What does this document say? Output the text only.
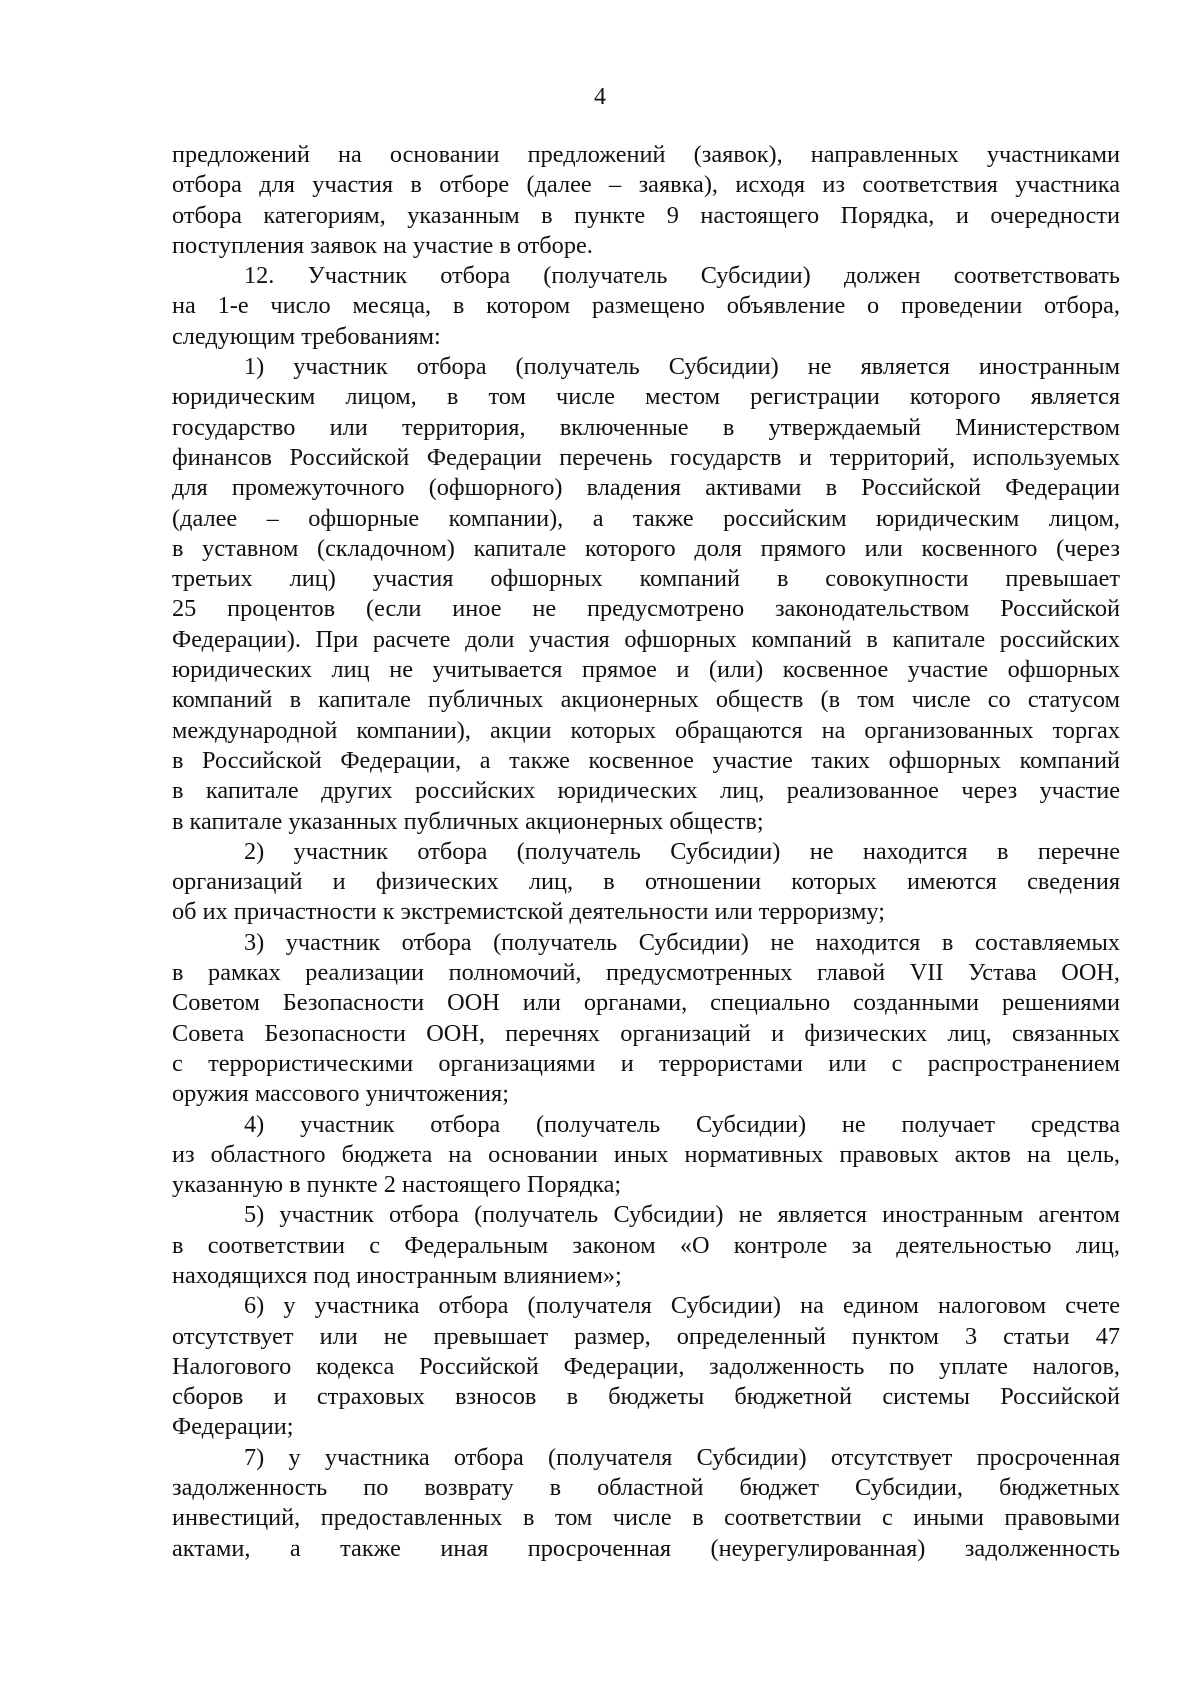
4
предложений на основании предложений (заявок), направленных участниками
отбора для участия в отборе (далее – заявка), исходя из соответствия участника
отбора категориям, указанным в пункте 9 настоящего Порядка, и очередности
поступления заявок на участие в отборе.
12. Участник отбора (получатель Субсидии) должен соответствовать
на 1-е число месяца, в котором размещено объявление о проведении отбора,
следующим требованиям:
1) участник отбора (получатель Субсидии) не является иностранным
юридическим лицом, в том числе местом регистрации которого является
государство или территория, включенные в утверждаемый Министерством
финансов Российской Федерации перечень государств и территорий, используемых
для промежуточного (офшорного) владения активами в Российской Федерации
(далее – офшорные компании), а также российским юридическим лицом,
в уставном (складочном) капитале которого доля прямого или косвенного (через
третьих лиц) участия офшорных компаний в совокупности превышает
25 процентов (если иное не предусмотрено законодательством Российской
Федерации). При расчете доли участия офшорных компаний в капитале российских
юридических лиц не учитывается прямое и (или) косвенное участие офшорных
компаний в капитале публичных акционерных обществ (в том числе со статусом
международной компании), акции которых обращаются на организованных торгах
в Российской Федерации, а также косвенное участие таких офшорных компаний
в капитале других российских юридических лиц, реализованное через участие
в капитале указанных публичных акционерных обществ;
2) участник отбора (получатель Субсидии) не находится в перечне
организаций и физических лиц, в отношении которых имеются сведения
об их причастности к экстремистской деятельности или терроризму;
3) участник отбора (получатель Субсидии) не находится в составляемых
в рамках реализации полномочий, предусмотренных главой VII Устава ООН,
Советом Безопасности ООН или органами, специально созданными решениями
Совета Безопасности ООН, перечнях организаций и физических лиц, связанных
с террористическими организациями и террористами или с распространением
оружия массового уничтожения;
4) участник отбора (получатель Субсидии) не получает средства
из областного бюджета на основании иных нормативных правовых актов на цель,
указанную в пункте 2 настоящего Порядка;
5) участник отбора (получатель Субсидии) не является иностранным агентом
в соответствии с Федеральным законом «О контроле за деятельностью лиц,
находящихся под иностранным влиянием»;
6) у участника отбора (получателя Субсидии) на едином налоговом счете
отсутствует или не превышает размер, определенный пунктом 3 статьи 47
Налогового кодекса Российской Федерации, задолженность по уплате налогов,
сборов и страховых взносов в бюджеты бюджетной системы Российской
Федерации;
7) у участника отбора (получателя Субсидии) отсутствует просроченная
задолженность по возврату в областной бюджет Субсидии, бюджетных
инвестиций, предоставленных в том числе в соответствии с иными правовыми
актами, а также иная просроченная (неурегулированная) задолженность
